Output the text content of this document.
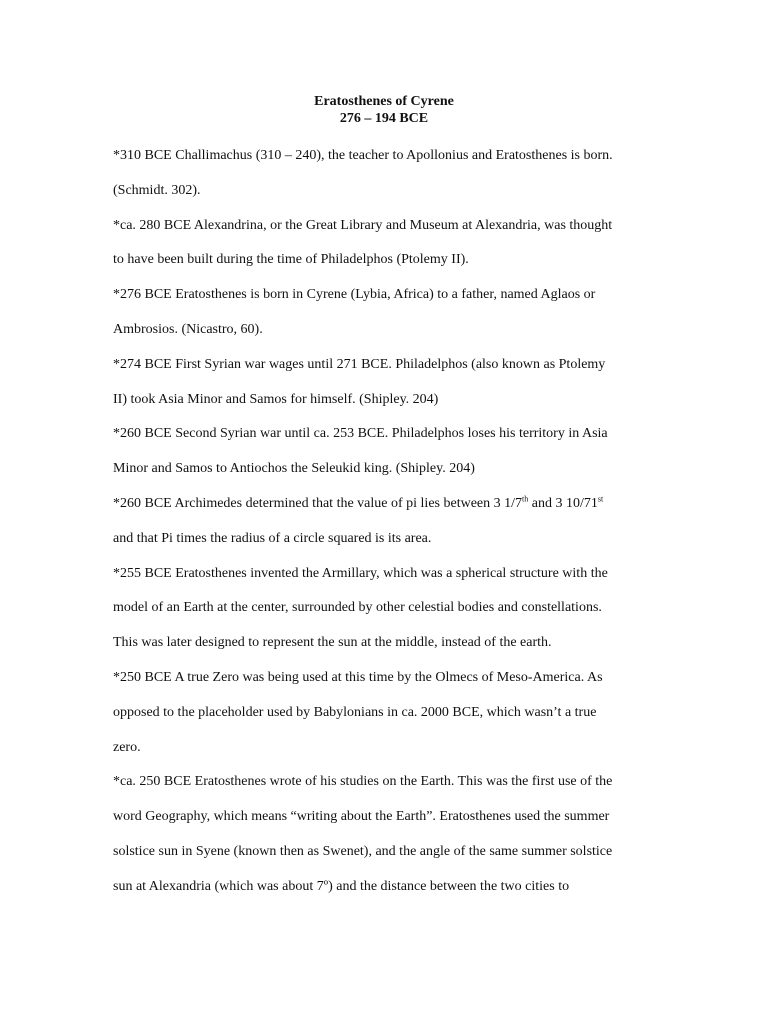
Eratosthenes of Cyrene
276 – 194 BCE
*310 BCE Challimachus (310 – 240), the teacher to Apollonius and Eratosthenes is born.
(Schmidt. 302).
*ca. 280 BCE Alexandrina, or the Great Library and Museum at Alexandria, was thought
to have been built during the time of Philadelphos (Ptolemy II).
*276 BCE Eratosthenes is born in Cyrene (Lybia, Africa) to a father, named Aglaos or
Ambrosios. (Nicastro, 60).
*274 BCE First Syrian war wages until 271 BCE. Philadelphos (also known as Ptolemy
II) took Asia Minor and Samos for himself. (Shipley. 204)
*260 BCE Second Syrian war until ca. 253 BCE. Philadelphos loses his territory in Asia
Minor and Samos to Antiochos the Seleukid king. (Shipley. 204)
*260 BCE Archimedes determined that the value of pi lies between 3 1/7th and 3 10/71st
and that Pi times the radius of a circle squared is its area.
*255 BCE Eratosthenes invented the Armillary, which was a spherical structure with the
model of an Earth at the center, surrounded by other celestial bodies and constellations.
This was later designed to represent the sun at the middle, instead of the earth.
*250 BCE A true Zero was being used at this time by the Olmecs of Meso-America. As
opposed to the placeholder used by Babylonians in ca. 2000 BCE, which wasn’t a true
zero.
*ca. 250 BCE Eratosthenes wrote of his studies on the Earth. This was the first use of the
word Geography, which means “writing about the Earth”. Eratosthenes used the summer
solstice sun in Syene (known then as Swenet), and the angle of the same summer solstice
sun at Alexandria (which was about 7º) and the distance between the two cities to
